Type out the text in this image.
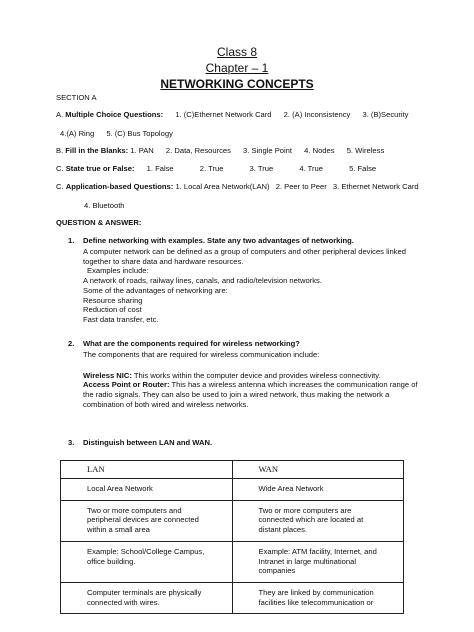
Class 8

Chapter – 1

NETWORKING CONCEPTS

SECTION A

A. Multiple Choice Questions: 1. (C)Ethernet Network Card 2. (A) Inconsistency 3. (B)Security

4.(A) Ring 5. (C) Bus Topology

B. Fill in the Blanks: 1. PAN 2. Data, Resources 3. Single Point 4. Nodes 5. Wireless

C. State true or False: 1. False	2. True	3. True	4. True	5. False

C. Application-based Questions: 1. Local Area Network(LAN) 2. Peer to Peer 3. Ethernet Network Card

4. Bluetooth

QUESTION & ANSWER:
1. Define networking with examples. State any two advantages of networking.

A computer network can be defined as a group of computers and other peripheral devices linked

together to share data and hardware resources.

Examples include:

A network of roads, railway lines, canals, and radio/television networks.

Some of the advantages of networking are:

Resource sharing

Reduction of cost

Fast data transfer, etc.

2. What are the components required for wireless networking?

The components that are required for wireless communication include:

Wireless NIC: This works within the computer device and provides wireless connectivity.

Access Point or Router: This has a wireless antenna which increases the communication range of

the radio signals. They can also be used to join a wired network, thus making the network a

combination of both wired and wireless networks.

3. Distinguish between LAN and WAN.
LAN	WAN
Local Area Network	Wide Area Network
Two or more computers and peripheral devices are connected within a small area	Two or more computers are connected which are located at distant places.
Example: School/College Campus, office building.	Example: ATM facility, Internet, and Intranet in large multinational companies
Computer terminals are physically connected with wires.	They are linked by communication facilities like telecommunication or
